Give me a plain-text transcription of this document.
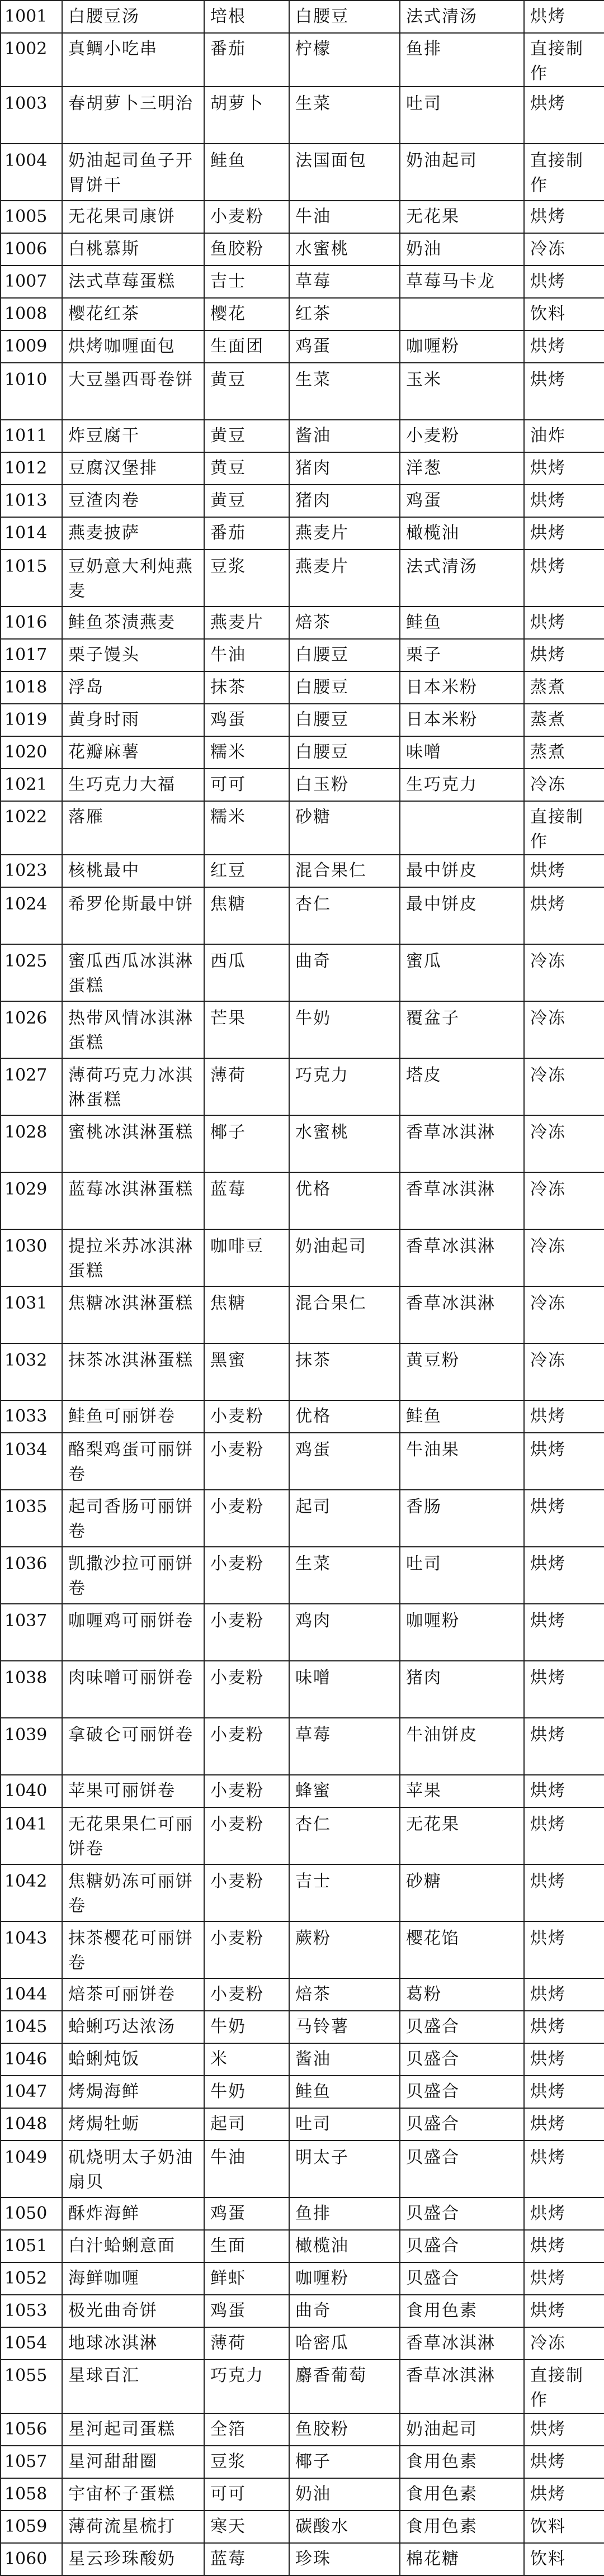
1001	白腰豆汤	培根	白腰豆	法式清汤	烘烤
1002	真鲷小吃串	番茄	柠檬	鱼排	直接制作
1003	春胡萝卜三明治	胡萝卜	生菜	吐司	烘烤
1004	奶油起司鱼子开胃饼干	鲑鱼	法国面包	奶油起司	直接制作
1005	无花果司康饼	小麦粉	牛油	无花果	烘烤
1006	白桃慕斯	鱼胶粉	水蜜桃	奶油	冷冻
1007	法式草莓蛋糕	吉士	草莓	草莓马卡龙	烘烤
1008	樱花红茶	樱花	红茶		饮料
1009	烘烤咖喱面包	生面团	鸡蛋	咖喱粉	烘烤
1010	大豆墨西哥卷饼	黄豆	生菜	玉米	烘烤
1011	炸豆腐干	黄豆	酱油	小麦粉	油炸
1012	豆腐汉堡排	黄豆	猪肉	洋葱	烘烤
1013	豆渣肉卷	黄豆	猪肉	鸡蛋	烘烤
1014	燕麦披萨	番茄	燕麦片	橄榄油	烘烤
1015	豆奶意大利炖燕麦	豆浆	燕麦片	法式清汤	烘烤
1016	鲑鱼茶渍燕麦	燕麦片	焙茶	鲑鱼	烘烤
1017	栗子馒头	牛油	白腰豆	栗子	烘烤
1018	浮岛	抹茶	白腰豆	日本米粉	蒸煮
1019	黄身时雨	鸡蛋	白腰豆	日本米粉	蒸煮
1020	花瓣麻薯	糯米	白腰豆	味噌	蒸煮
1021	生巧克力大福	可可	白玉粉	生巧克力	冷冻
1022	落雁	糯米	砂糖		直接制作
1023	核桃最中	红豆	混合果仁	最中饼皮	烘烤
1024	希罗伦斯最中饼	焦糖	杏仁	最中饼皮	烘烤
1025	蜜瓜西瓜冰淇淋蛋糕	西瓜	曲奇	蜜瓜	冷冻
1026	热带风情冰淇淋蛋糕	芒果	牛奶	覆盆子	冷冻
1027	薄荷巧克力冰淇淋蛋糕	薄荷	巧克力	塔皮	冷冻
1028	蜜桃冰淇淋蛋糕	椰子	水蜜桃	香草冰淇淋	冷冻
1029	蓝莓冰淇淋蛋糕	蓝莓	优格	香草冰淇淋	冷冻
1030	提拉米苏冰淇淋蛋糕	咖啡豆	奶油起司	香草冰淇淋	冷冻
1031	焦糖冰淇淋蛋糕	焦糖	混合果仁	香草冰淇淋	冷冻
1032	抹茶冰淇淋蛋糕	黑蜜	抹茶	黄豆粉	冷冻
1033	鲑鱼可丽饼卷	小麦粉	优格	鲑鱼	烘烤
1034	酪梨鸡蛋可丽饼卷	小麦粉	鸡蛋	牛油果	烘烤
1035	起司香肠可丽饼卷	小麦粉	起司	香肠	烘烤
1036	凯撒沙拉可丽饼卷	小麦粉	生菜	吐司	烘烤
1037	咖喱鸡可丽饼卷	小麦粉	鸡肉	咖喱粉	烘烤
1038	肉味噌可丽饼卷	小麦粉	味噌	猪肉	烘烤
1039	拿破仑可丽饼卷	小麦粉	草莓	牛油饼皮	烘烤
1040	苹果可丽饼卷	小麦粉	蜂蜜	苹果	烘烤
1041	无花果果仁可丽饼卷	小麦粉	杏仁	无花果	烘烤
1042	焦糖奶冻可丽饼卷	小麦粉	吉士	砂糖	烘烤
1043	抹茶樱花可丽饼卷	小麦粉	蕨粉	樱花馅	烘烤
1044	焙茶可丽饼卷	小麦粉	焙茶	葛粉	烘烤
1045	蛤蜊巧达浓汤	牛奶	马铃薯	贝盛合	烘烤
1046	蛤蜊炖饭	米	酱油	贝盛合	烘烤
1047	烤焗海鲜	牛奶	鲑鱼	贝盛合	烘烤
1048	烤焗牡蛎	起司	吐司	贝盛合	烘烤
1049	矶烧明太子奶油扇贝	牛油	明太子	贝盛合	烘烤
1050	酥炸海鲜	鸡蛋	鱼排	贝盛合	烘烤
1051	白汁蛤蜊意面	生面	橄榄油	贝盛合	烘烤
1052	海鲜咖喱	鲜虾	咖喱粉	贝盛合	烘烤
1053	极光曲奇饼	鸡蛋	曲奇	食用色素	烘烤
1054	地球冰淇淋	薄荷	哈密瓜	香草冰淇淋	冷冻
1055	星球百汇	巧克力	麝香葡萄	香草冰淇淋	直接制作
1056	星河起司蛋糕	全箔	鱼胶粉	奶油起司	烘烤
1057	星河甜甜圈	豆浆	椰子	食用色素	烘烤
1058	宇宙杯子蛋糕	可可	奶油	食用色素	烘烤
1059	薄荷流星梳打	寒天	碳酸水	食用色素	饮料
1060	星云珍珠酸奶	蓝莓	珍珠	棉花糖	饮料
